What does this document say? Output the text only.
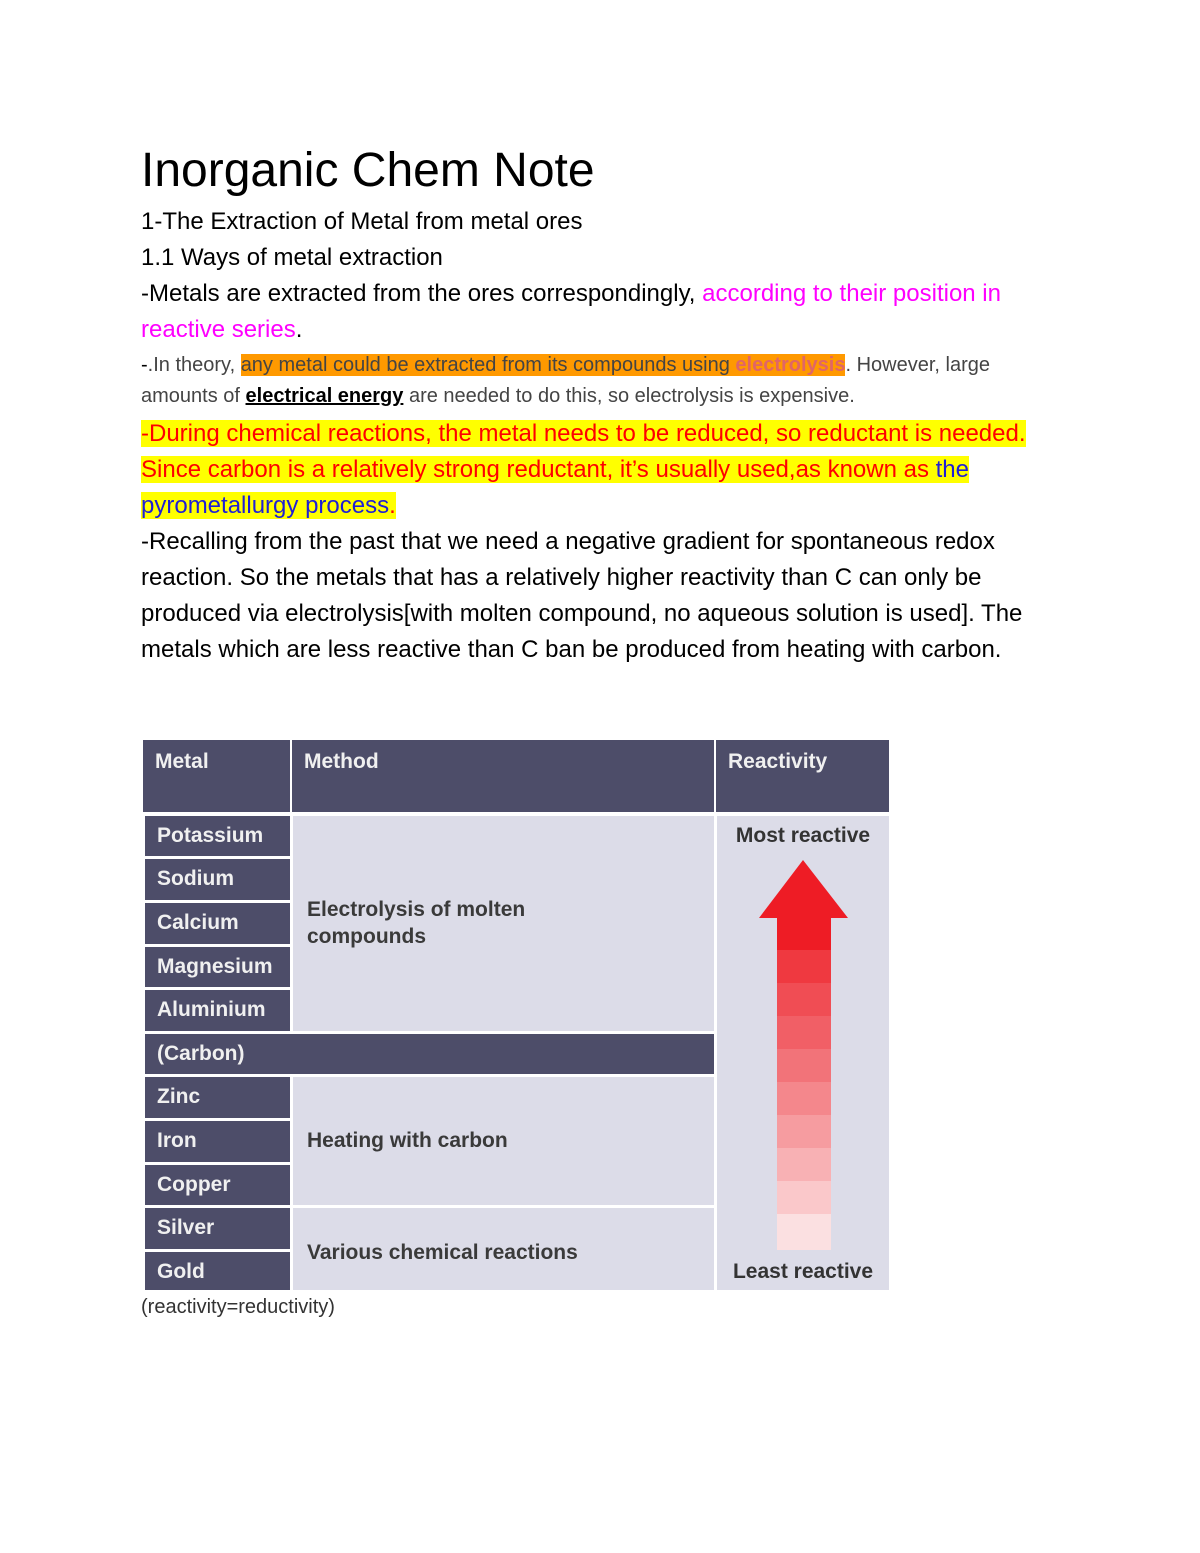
Inorganic Chem Note
1-The Extraction of Metal from metal ores
1.1 Ways of metal extraction

-Metals are extracted from the ores correspondingly, according to their position in reactive series.

-.In theory, any metal could be extracted from its compounds using electrolysis. However, large amounts of electrical energy are needed to do this, so electrolysis is expensive.

-During chemical reactions, the metal needs to be reduced, so reductant is needed. Since carbon is a relatively strong reductant, it’s usually used,as known as the pyrometallurgy process.

-Recalling from the past that we need a negative gradient for spontaneous redox reaction. So the metals that has a relatively higher reactivity than C can only be produced via electrolysis[with molten compound, no aqueous solution is used]. The metals which are less reactive than C ban be produced from heating with carbon.

Metal	Method	Reactivity
Potassium
Sodium
Calcium
Magnesium
Aluminium
(Carbon)
Zinc
Iron
Copper
Silver
Gold
Electrolysis of molten compounds
Heating with carbon
Various chemical reactions
Most reactive
Least reactive
(reactivity=reductivity)
